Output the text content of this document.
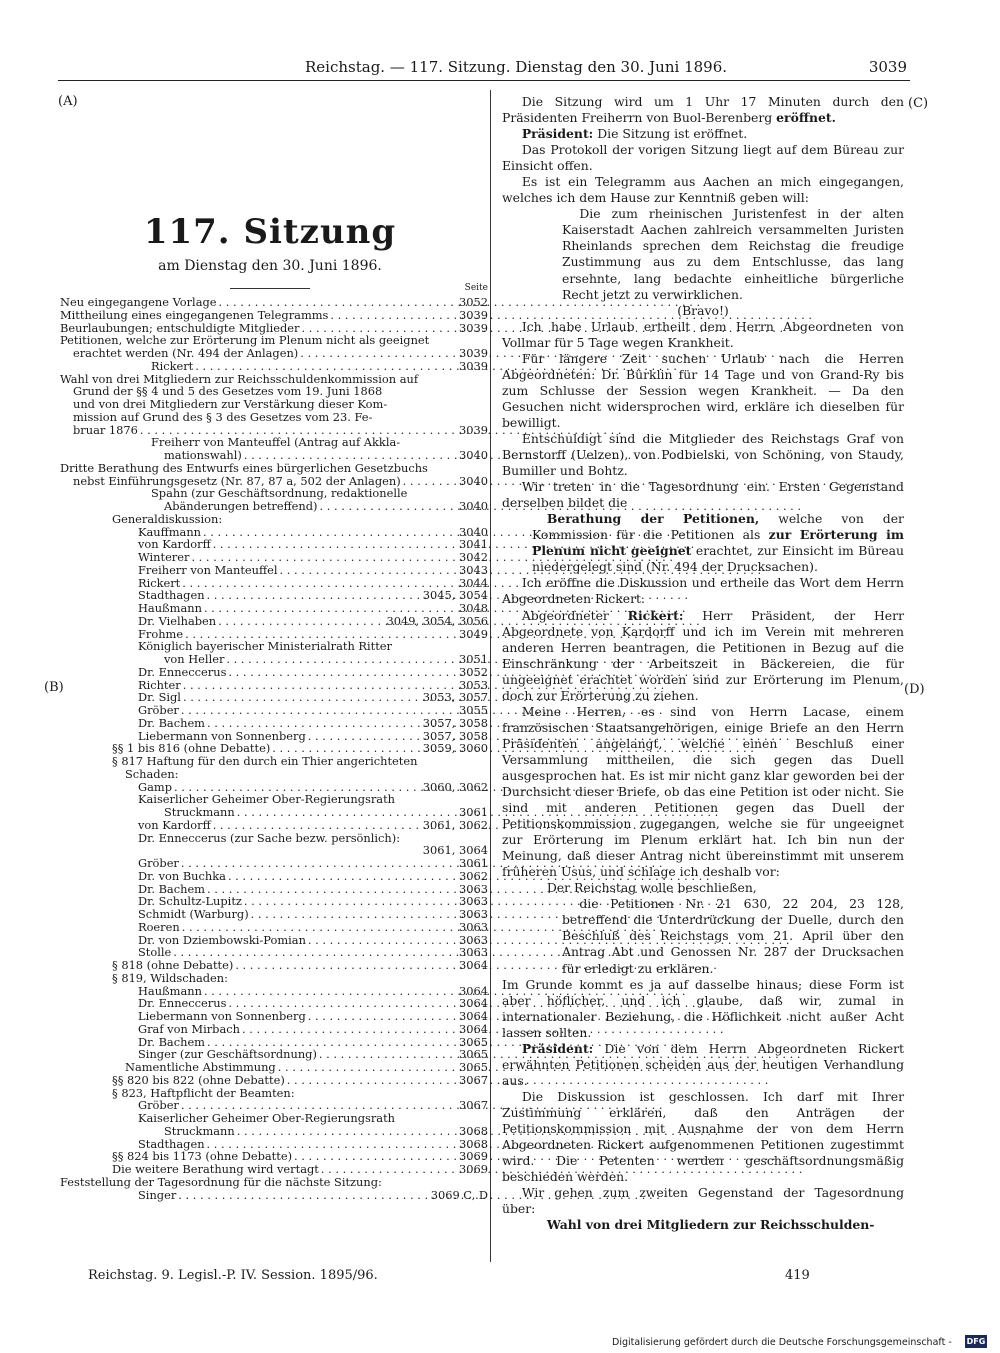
Reichstag. — 117. Sitzung. Dienstag den 30. Juni 1896.	3039
(A)
(B)
(C)
(D)
117. Sitzung
am Dienstag den 30. Juni 1896.
Seite
Neu eingegangene Vorlage . . .	3052
Mittheilung eines eingegangenen Telegramms . . .	3039
Beurlaubungen; entschuldigte Mitglieder . . .	3039
Petitionen, welche zur Erörterung im Plenum nicht als geeignet
erachtet werden (Nr. 494 der Anlagen) . . .	3039
Rickert . . .	3039
Wahl von drei Mitgliedern zur Reichsschuldenkommission auf
Grund der §§ 4 und 5 des Gesetzes vom 19. Juni 1868
und von drei Mitgliedern zur Verstärkung dieser Kom-
mission auf Grund des § 3 des Gesetzes vom 23. Fe-
bruar 1876 . . .	3039
Freiherr von Manteuffel (Antrag auf Akkla-
mationswahl) . . .	3040
Dritte Berathung des Entwurfs eines bürgerlichen Gesetzbuchs
nebst Einführungsgesetz (Nr. 87, 87 a, 502 der Anlagen) . . .	3040
Spahn (zur Geschäftsordnung, redaktionelle
Abänderungen betreffend) . . .	3040
Generaldiskussion:
Kauffmann . . .	3040
von Kardorff . . .	3041
Winterer . . .	3042
Freiherr von Manteuffel . . .	3043
Rickert . . .	3044
Stadthagen . . .	3045, 3054
Haußmann . . .	3048
Dr. Vielhaben . . .	3049, 3054, 3056
Frohme . . .	3049
Königlich bayerischer Ministerialrath Ritter
von Heller . . .	3051
Dr. Enneccerus . . .	3052
Richter . . .	3053
Dr. Sigl . . .	3053, 3057
Gröber . . .	3055
Dr. Bachem . . .	3057, 3058
Liebermann von Sonnenberg . . .	3057, 3058
§§ 1 bis 816 (ohne Debatte) . . .	3059, 3060
§ 817 Haftung für den durch ein Thier angerichteten
Schaden:
Gamp . . .	3060, 3062
Kaiserlicher Geheimer Ober-Regierungsrath
Struckmann . . .	3061
von Kardorff . . .	3061, 3062
Dr. Enneccerus (zur Sache bezw. persönlich):
3061, 3064
Gröber . . .	3061
Dr. von Buchka . . .	3062
Dr. Bachem . . .	3063
Dr. Schultz-Lupitz . . .	3063
Schmidt (Warburg) . . .	3063
Roeren . . .	3063
Dr. von Dziembowski-Pomian . . .	3063
Stolle . . .	3063
§ 818 (ohne Debatte) . . .	3064
§ 819, Wildschaden:
Haußmann . . .	3064
Dr. Enneccerus . . .	3064
Liebermann von Sonnenberg . . .	3064
Graf von Mirbach . . .	3064
Dr. Bachem . . .	3065
Singer (zur Geschäftsordnung) . . .	3065
Namentliche Abstimmung . . .	3065
§§ 820 bis 822 (ohne Debatte) . . .	3067
§ 823, Haftpflicht der Beamten:
Gröber . . .	3067
Kaiserlicher Geheimer Ober-Regierungsrath
Struckmann . . .	3068
Stadthagen . . .	3068
§§ 824 bis 1173 (ohne Debatte) . . .	3069
Die weitere Berathung wird vertagt . . .	3069
Feststellung der Tagesordnung für die nächste Sitzung:
Singer . . .	3069 C, D

Die Sitzung wird um 1 Uhr 17 Minuten durch den Präsidenten Freiherrn von Buol-Berenberg eröffnet.

Präsident: Die Sitzung ist eröffnet.

Das Protokoll der vorigen Sitzung liegt auf dem Büreau zur Einsicht offen.

Es ist ein Telegramm aus Aachen an mich eingegangen, welches ich dem Hause zur Kenntniß geben will:

Die zum rheinischen Juristenfest in der alten Kaiserstadt Aachen zahlreich versammelten Juristen Rheinlands sprechen dem Reichstag die freudige Zustimmung aus zu dem Entschlusse, das lang ersehnte, lang bedachte einheitliche bürgerliche Recht jetzt zu verwirklichen.

(Bravo!)

Ich habe Urlaub ertheilt dem Herrn Abgeordneten von Vollmar für 5 Tage wegen Krankheit.

Für längere Zeit suchen Urlaub nach die Herren Abgeordneten: Dr. Bürklin für 14 Tage und von Grand-Ry bis zum Schlusse der Session wegen Krankheit. — Da den Gesuchen nicht widersprochen wird, erkläre ich dieselben für bewilligt.

Entschuldigt sind die Mitglieder des Reichstags Graf von Bernstorff (Uelzen), von Podbielski, von Schöning, von Staudy, Bumiller und Bohtz.

Wir treten in die Tagesordnung ein. Ersten Gegenstand derselben bildet die

Berathung der Petitionen, welche von der Kommission für die Petitionen als zur Erörterung im Plenum nicht geeignet erachtet, zur Einsicht im Büreau niedergelegt sind (Nr. 494 der Drucksachen).

Ich eröffne die Diskussion und ertheile das Wort dem Herrn Abgeordneten Rickert.

Abgeordneter Rickert: Herr Präsident, der Herr Abgeordnete von Kardorff und ich im Verein mit mehreren anderen Herren beantragen, die Petitionen in Bezug auf die Einschränkung der Arbeitszeit in Bäckereien, die für ungeeignet erachtet worden sind zur Erörterung im Plenum, doch zur Erörterung zu ziehen.

Meine Herren, es sind von Herrn Lacase, einem französischen Staatsangehörigen, einige Briefe an den Herrn Präsidenten angelangt, welche einen Beschluß einer Versammlung mittheilen, die sich gegen das Duell ausgesprochen hat. Es ist mir nicht ganz klar geworden bei der Durchsicht dieser Briefe, ob das eine Petition ist oder nicht. Sie sind mit anderen Petitionen gegen das Duell der Petitionskommission zugegangen, welche sie für ungeeignet zur Erörterung im Plenum erklärt hat. Ich bin nun der Meinung, daß dieser Antrag nicht übereinstimmt mit unserem früheren Usus, und schlage ich deshalb vor:

Der Reichstag wolle beschließen,

die Petitionen Nr. 21 630, 22 204, 23 128, betreffend die Unterdrückung der Duelle, durch den Beschluß des Reichstags vom 21. April über den Antrag Abt und Genossen Nr. 287 der Drucksachen für erledigt zu erklären.

Im Grunde kommt es ja auf dasselbe hinaus; diese Form ist aber höflicher, und ich glaube, daß wir, zumal in internationaler Beziehung, die Höflichkeit nicht außer Acht lassen sollten.

Präsident: Die von dem Herrn Abgeordneten Rickert erwähnten Petitionen scheiden aus der heutigen Verhandlung aus.

Die Diskussion ist geschlossen. Ich darf mit Ihrer Zustimmung erklären, daß den Anträgen der Petitionskommission mit Ausnahme der von dem Herrn Abgeordneten Rickert aufgenommenen Petitionen zugestimmt wird. Die Petenten werden geschäftsordnungsmäßig beschieden werden.

Wir gehen zum zweiten Gegenstand der Tagesordnung über:

Wahl von drei Mitgliedern zur Reichsschulden-

Reichstag. 9. Legisl.-P. IV. Session. 1895/96.	419
Digitalisierung gefördert durch die Deutsche Forschungsgemeinschaft - DFG
